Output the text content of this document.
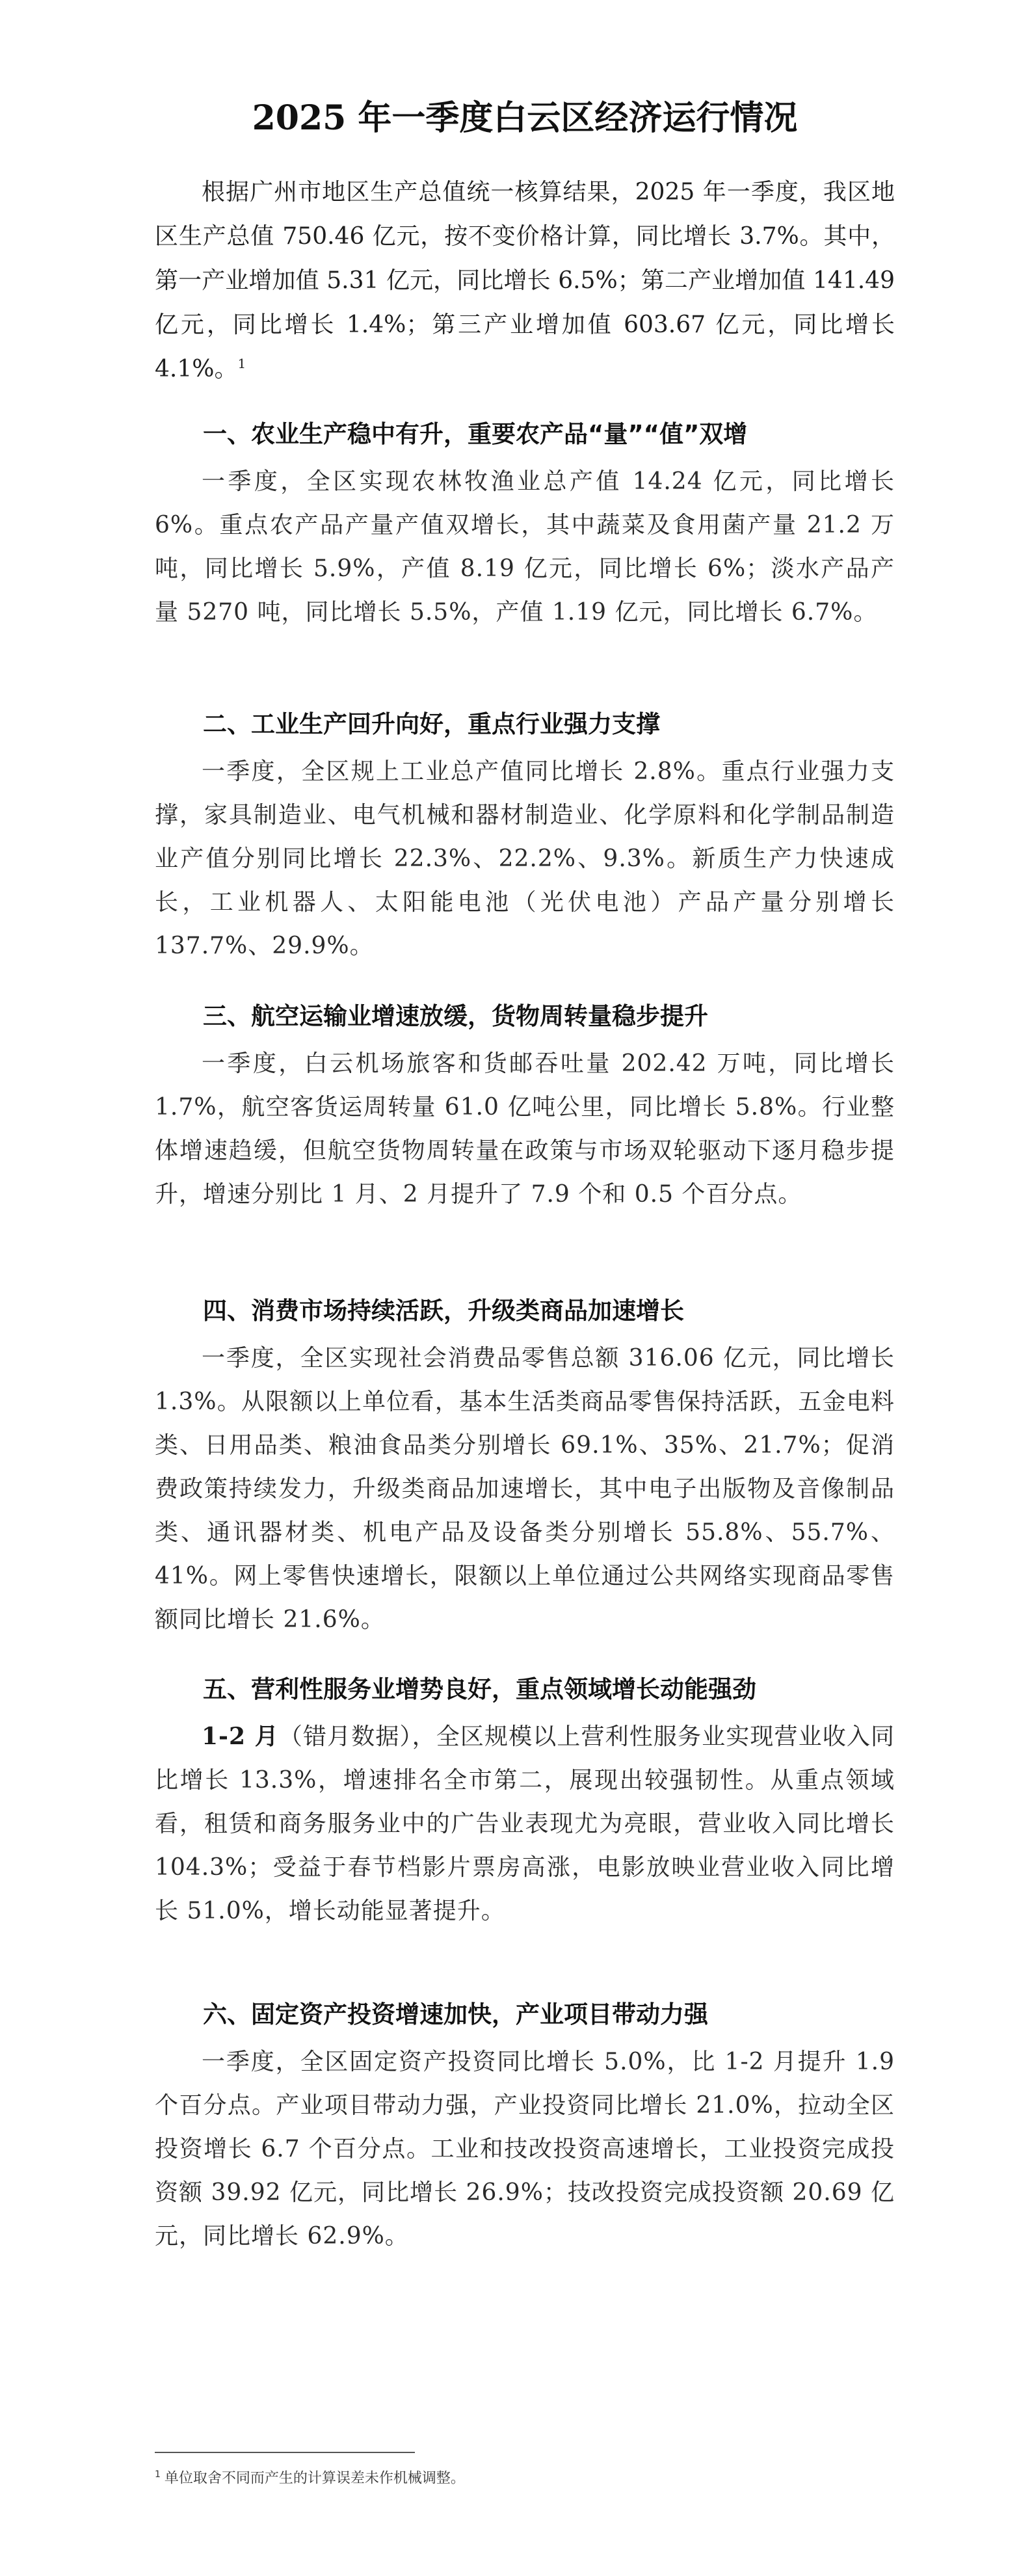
2025 年一季度白云区经济运行情况

根据广州市地区生产总值统一核算结果，2025 年一季度，我区地区生产总值 750.46 亿元，按不变价格计算，同比增长 3.7%。其中，第一产业增加值 5.31 亿元，同比增长 6.5%；第二产业增加值 141.49 亿元，同比增长 1.4%；第三产业增加值 603.67 亿元，同比增长 4.1%。$^1$

一、农业生产稳中有升，重要农产品“量”“值”双增

一季度，全区实现农林牧渔业总产值 14.24 亿元，同比增长 6%。重点农产品产量产值双增长，其中蔬菜及食用菌产量 21.2 万吨，同比增长 5.9%，产值 8.19 亿元，同比增长 6%；淡水产品产量 5270 吨，同比增长 5.5%，产值 1.19 亿元，同比增长 6.7%。

二、工业生产回升向好，重点行业强力支撑

一季度，全区规上工业总产值同比增长 2.8%。重点行业强力支撑，家具制造业、电气机械和器材制造业、化学原料和化学制品制造业产值分别同比增长 22.3%、22.2%、9.3%。新质生产力快速成长，工业机器人、太阳能电池（光伏电池）产品产量分别增长 137.7%、29.9%。

三、航空运输业增速放缓，货物周转量稳步提升

一季度，白云机场旅客和货邮吞吐量 202.42 万吨，同比增长 1.7%，航空客货运周转量 61.0 亿吨公里，同比增长 5.8%。行业整体增速趋缓，但航空货物周转量在政策与市场双轮驱动下逐月稳步提升，增速分别比 1 月、2 月提升了 7.9 个和 0.5 个百分点。

四、消费市场持续活跃，升级类商品加速增长

一季度，全区实现社会消费品零售总额 316.06 亿元，同比增长 1.3%。从限额以上单位看，基本生活类商品零售保持活跃，五金电料类、日用品类、粮油食品类分别增长 69.1%、35%、21.7%；促消费政策持续发力，升级类商品加速增长，其中电子出版物及音像制品类、通讯器材类、机电产品及设备类分别增长 55.8%、55.7%、41%。网上零售快速增长，限额以上单位通过公共网络实现商品零售额同比增长 21.6%。

五、营利性服务业增势良好，重点领域增长动能强劲

1-2 月（错月数据），全区规模以上营利性服务业实现营业收入同比增长 13.3%，增速排名全市第二，展现出较强韧性。从重点领域看，租赁和商务服务业中的广告业表现尤为亮眼，营业收入同比增长 104.3%；受益于春节档影片票房高涨，电影放映业营业收入同比增长 51.0%，增长动能显著提升。

六、固定资产投资增速加快，产业项目带动力强

一季度，全区固定资产投资同比增长 5.0%，比 1-2 月提升 1.9 个百分点。产业项目带动力强，产业投资同比增长 21.0%，拉动全区投资增长 6.7 个百分点。工业和技改投资高速增长，工业投资完成投资额 39.92 亿元，同比增长 26.9%；技改投资完成投资额 20.69 亿元，同比增长 62.9%。

$^1$ 单位取舍不同而产生的计算误差未作机械调整。
